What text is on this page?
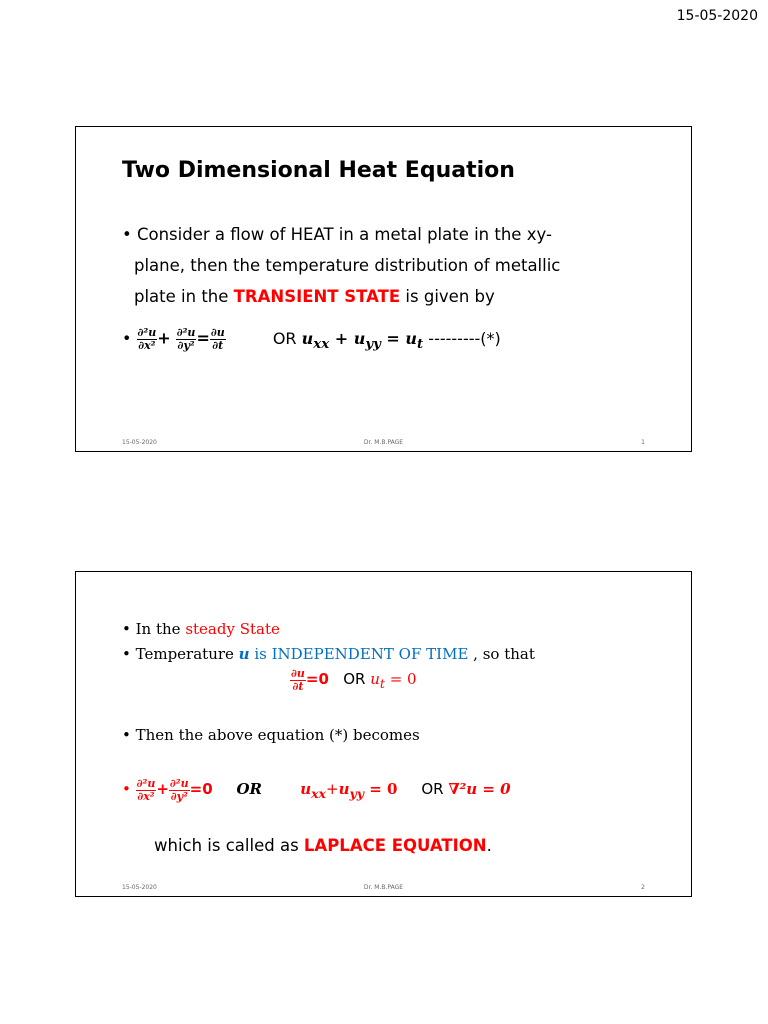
15-05-2020
Two Dimensional Heat Equation
• Consider a flow of HEAT in a metal plate in the xy-
plane, then the temperature distribution of metallic
plate in the TRANSIENT STATE is given by
• $\frac{\text{∂²u}}{\text{∂x²}} + \frac{\text{∂²u}}{\text{∂y²}} = \frac{\partial u}{\partial t}$	OR $u_{xx} + u_{yy} = u_t$ ---------(*)
15-05-2020	Dr. M.B.PAGE	1
• In the steady State
• Temperature u is INDEPENDENT OF TIME , so that
$\frac{\partial u}{\partial t} =0$ OR $u_t = 0$
• Then the above equation (*) becomes
• $\frac{\text{∂²u}}{\text{∂x²}} + \frac{\text{∂²u}}{\text{∂y²}} =0$ OR	$u_{xx}+u_{yy} = 0$ OR ∇²u = 0
which is called as LAPLACE EQUATION.
15-05-2020	Dr. M.B.PAGE	2
